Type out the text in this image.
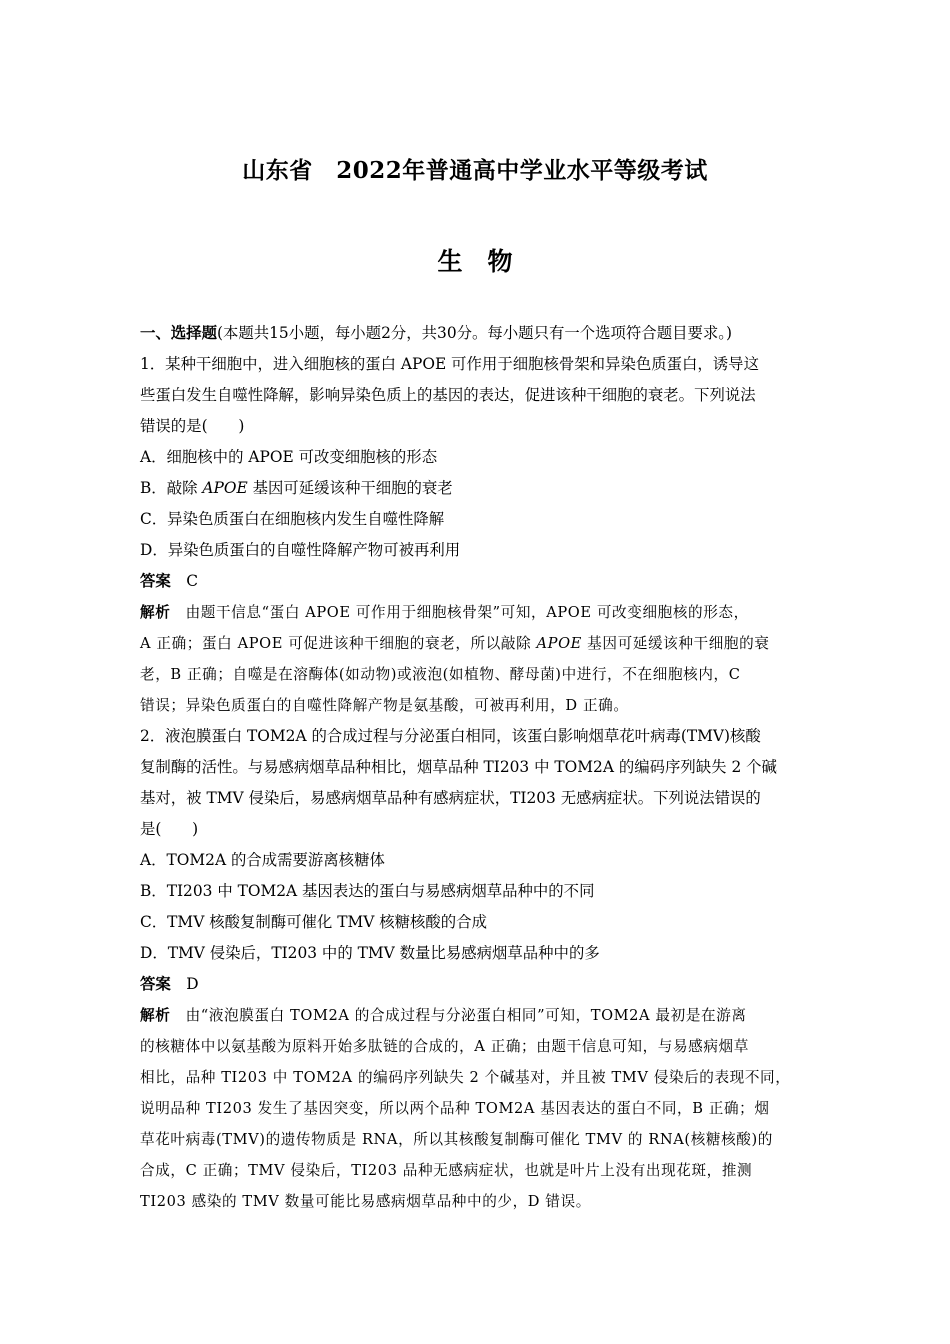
山东省　2022年普通高中学业水平等级考试
生　物
一、选择题(本题共15小题，每小题2分，共30分。每小题只有一个选项符合题目要求。)
1．某种干细胞中，进入细胞核的蛋白 APOE 可作用于细胞核骨架和异染色质蛋白，诱导这
些蛋白发生自噬性降解，影响异染色质上的基因的表达，促进该种干细胞的衰老。下列说法
错误的是(　　)
A．细胞核中的 APOE 可改变细胞核的形态
B．敲除 APOE 基因可延缓该种干细胞的衰老
C．异染色质蛋白在细胞核内发生自噬性降解
D．异染色质蛋白的自噬性降解产物可被再利用
答案　 C
解析　 由题干信息“蛋白 APOE 可作用于细胞核骨架”可知，APOE 可改变细胞核的形态，
A 正确；蛋白 APOE 可促进该种干细胞的衰老，所以敲除 APOE 基因可延缓该种干细胞的衰
老，B 正确；自噬是在溶酶体(如动物)或液泡(如植物、酵母菌)中进行，不在细胞核内，C
错误；异染色质蛋白的自噬性降解产物是氨基酸，可被再利用，D 正确。
2．液泡膜蛋白 TOM2A 的合成过程与分泌蛋白相同，该蛋白影响烟草花叶病毒(TMV)核酸
复制酶的活性。与易感病烟草品种相比，烟草品种 TI203 中 TOM2A 的编码序列缺失 2 个碱
基对，被 TMV 侵染后，易感病烟草品种有感病症状，TI203 无感病症状。下列说法错误的
是(　　)
A．TOM2A 的合成需要游离核糖体
B．TI203 中 TOM2A 基因表达的蛋白与易感病烟草品种中的不同
C．TMV 核酸复制酶可催化 TMV 核糖核酸的合成
D．TMV 侵染后，TI203 中的 TMV 数量比易感病烟草品种中的多
答案　 D
解析　 由“液泡膜蛋白 TOM2A 的合成过程与分泌蛋白相同”可知，TOM2A 最初是在游离
的核糖体中以氨基酸为原料开始多肽链的合成的，A 正确；由题干信息可知，与易感病烟草
相比，品种 TI203 中 TOM2A 的编码序列缺失 2 个碱基对，并且被 TMV 侵染后的表现不同，
说明品种 TI203 发生了基因突变，所以两个品种 TOM2A 基因表达的蛋白不同，B 正确；烟
草花叶病毒(TMV)的遗传物质是 RNA，所以其核酸复制酶可催化 TMV 的 RNA(核糖核酸)的
合成，C 正确；TMV 侵染后，TI203 品种无感病症状，也就是叶片上没有出现花斑，推测
TI203 感染的 TMV 数量可能比易感病烟草品种中的少，D 错误。
